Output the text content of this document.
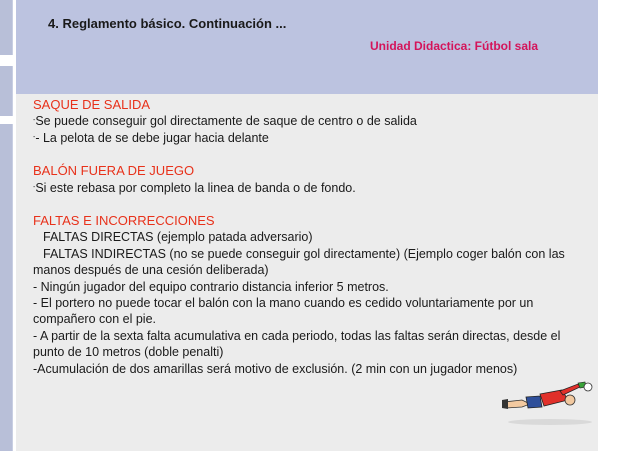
4. Reglamento básico. Continuación ...
Unidad Didactica: Fútbol sala
SAQUE DE SALIDA
-Se puede conseguir gol directamente de saque de centro o de salida
-- La pelota de se debe jugar hacia delante
BALÓN FUERA DE JUEGO
-Si este rebasa por completo la linea de banda o de fondo.
FALTAS E INCORRECCIONES
FALTAS DIRECTAS (ejemplo patada adversario)
FALTAS INDIRECTAS (no se puede conseguir gol directamente) (Ejemplo coger balón con las manos después de una cesión deliberada)
- Ningún jugador del equipo contrario distancia inferior 5 metros.
- El portero no puede tocar el balón con la mano cuando es cedido voluntariamente por un compañero con el pie.
- A partir de la sexta falta acumulativa en cada periodo, todas las faltas serán directas, desde el punto de 10 metros (doble penalti)
-Acumulación de dos amarillas será motivo de exclusión. (2 min con un jugador menos)
